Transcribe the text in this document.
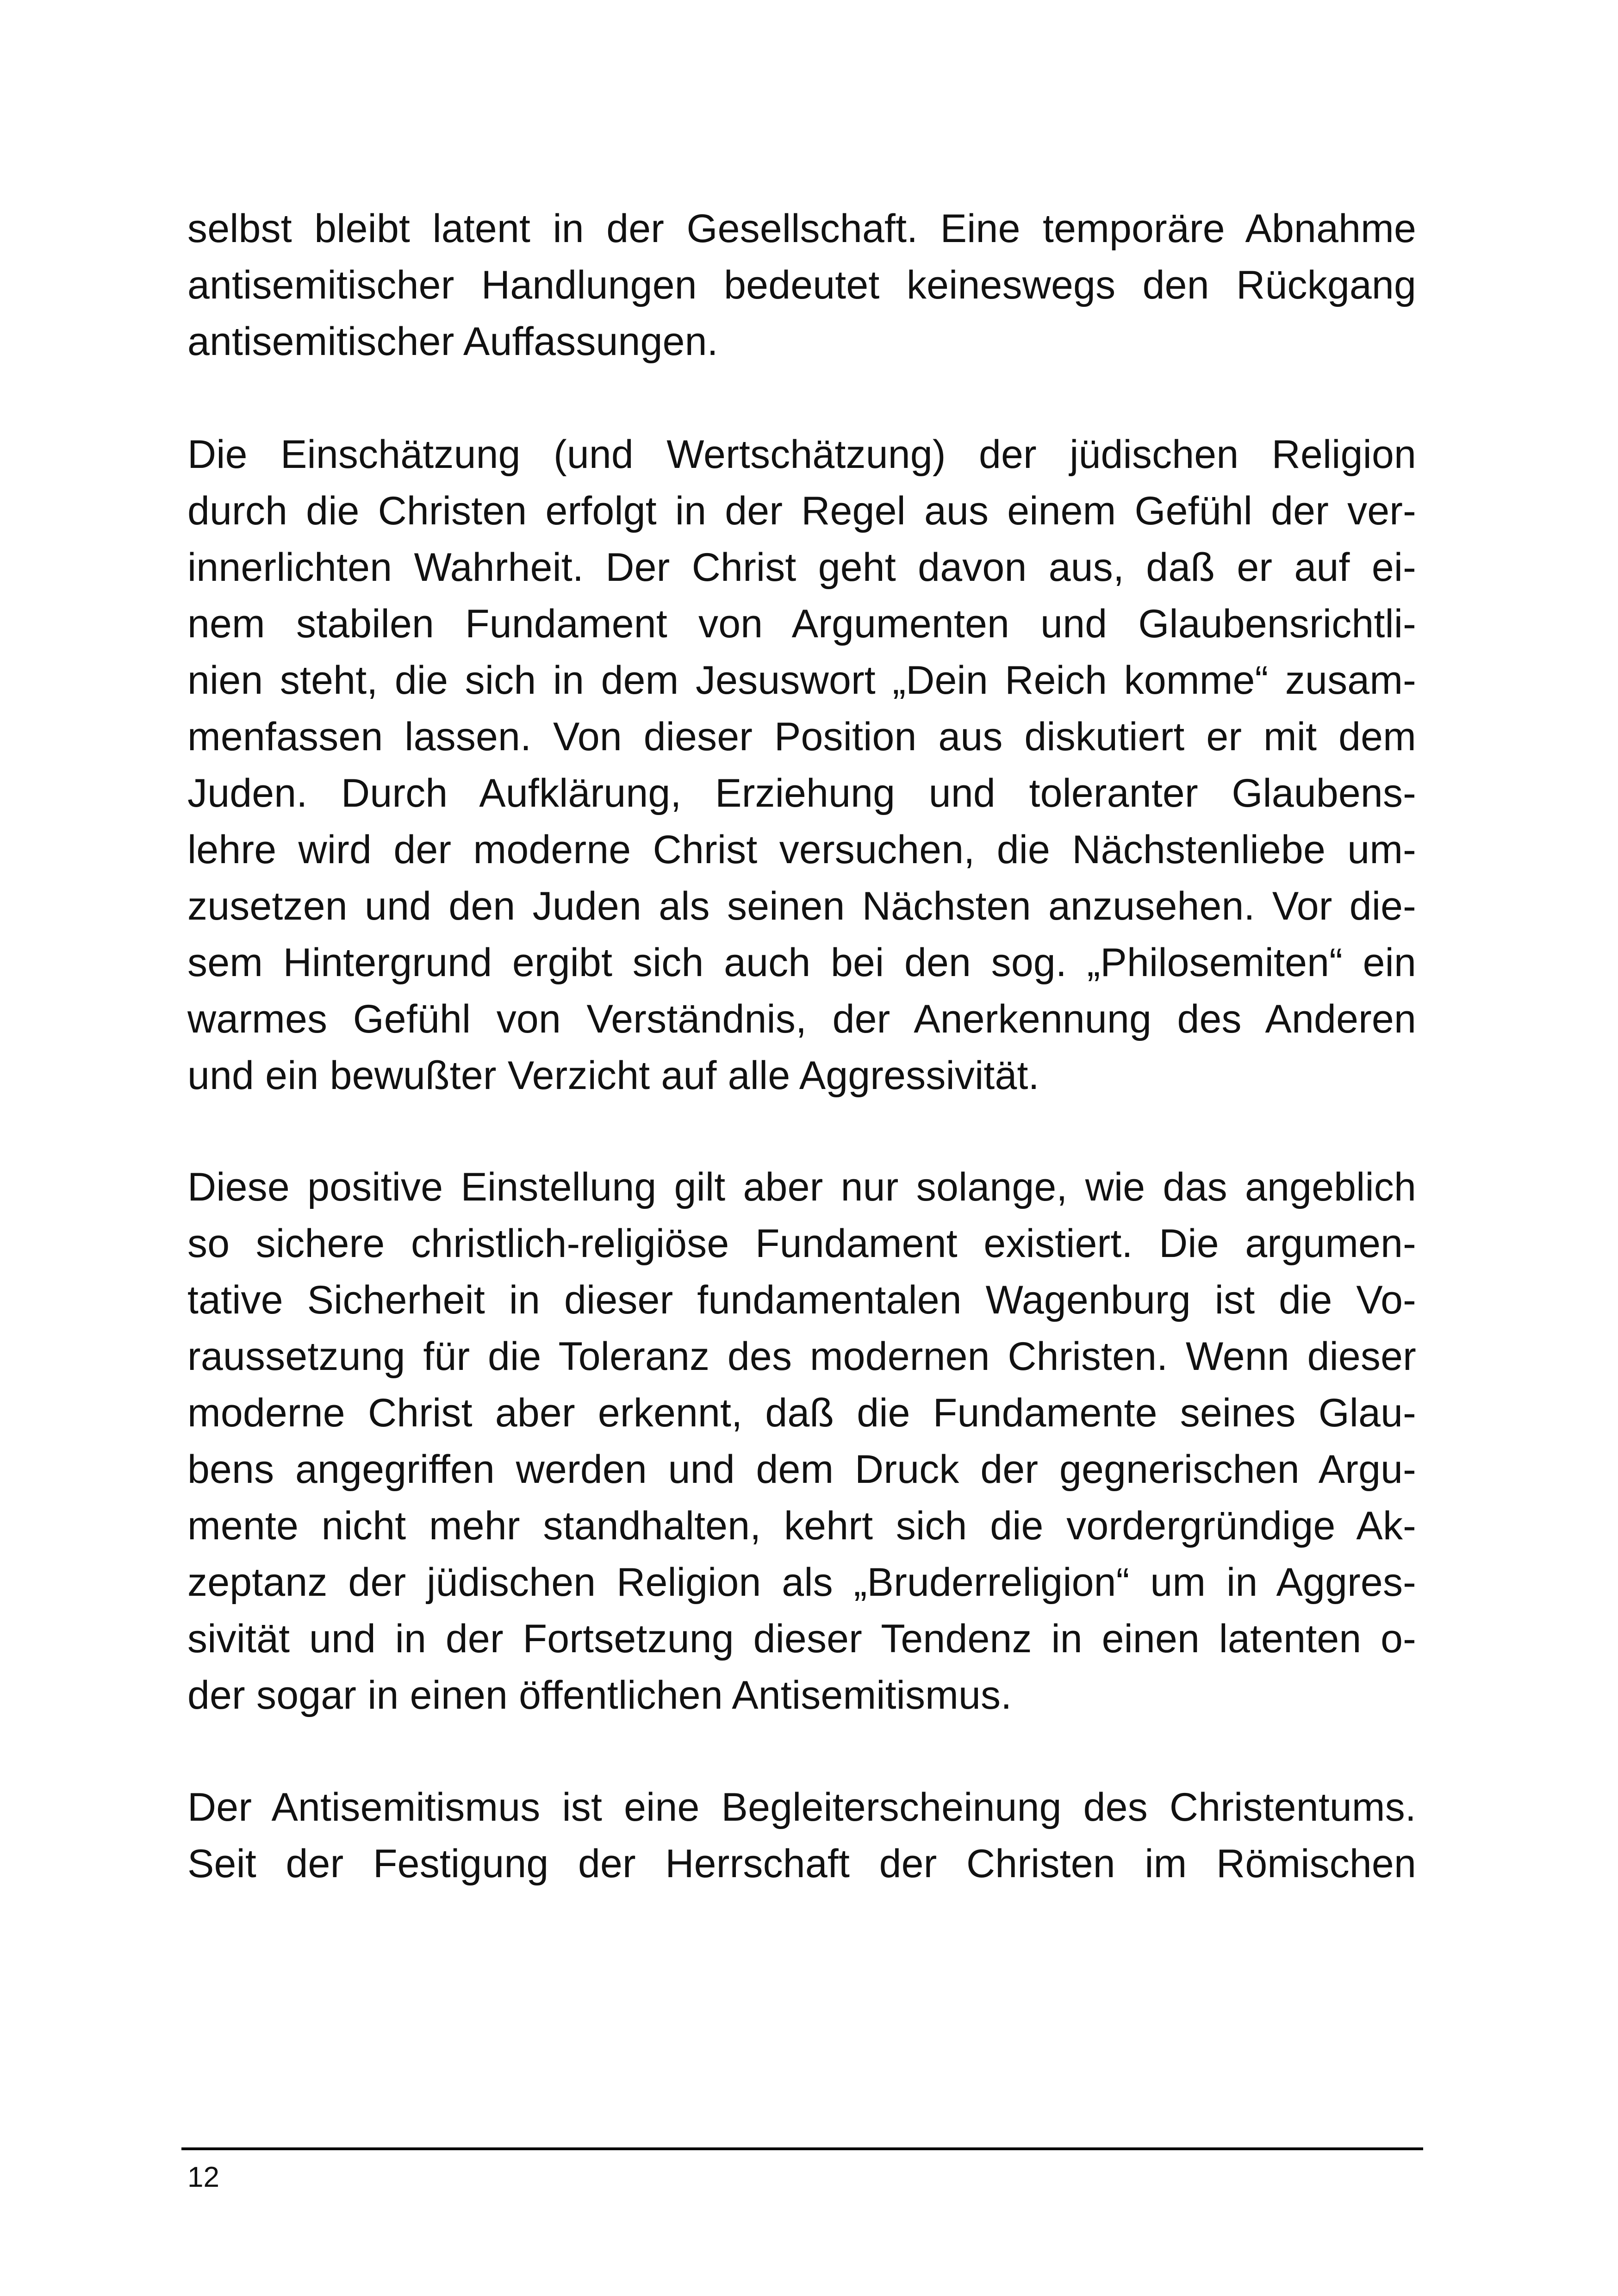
selbst bleibt latent in der Gesellschaft. Eine temporäre Abnahme
antisemitischer Handlungen bedeutet keineswegs den Rückgang
antisemitischer Auffassungen.
Die Einschätzung (und Wertschätzung) der jüdischen Religion
durch die Christen erfolgt in der Regel aus einem Gefühl der ver-
innerlichten Wahrheit. Der Christ geht davon aus, daß er auf ei-
nem stabilen Fundament von Argumenten und Glaubensrichtli-
nien steht, die sich in dem Jesuswort „Dein Reich komme“ zusam-
menfassen lassen. Von dieser Position aus diskutiert er mit dem
Juden. Durch Aufklärung, Erziehung und toleranter Glaubens-
lehre wird der moderne Christ versuchen, die Nächstenliebe um-
zusetzen und den Juden als seinen Nächsten anzusehen. Vor die-
sem Hintergrund ergibt sich auch bei den sog. „Philosemiten“ ein
warmes Gefühl von Verständnis, der Anerkennung des Anderen
und ein bewußter Verzicht auf alle Aggressivität.
Diese positive Einstellung gilt aber nur solange, wie das angeblich
so sichere christlich-religiöse Fundament existiert. Die argumen-
tative Sicherheit in dieser fundamentalen Wagenburg ist die Vo-
raussetzung für die Toleranz des modernen Christen. Wenn dieser
moderne Christ aber erkennt, daß die Fundamente seines Glau-
bens angegriffen werden und dem Druck der gegnerischen Argu-
mente nicht mehr standhalten, kehrt sich die vordergründige Ak-
zeptanz der jüdischen Religion als „Bruderreligion“ um in Aggres-
sivität und in der Fortsetzung dieser Tendenz in einen latenten o-
der sogar in einen öffentlichen Antisemitismus.
Der Antisemitismus ist eine Begleiterscheinung des Christentums.
Seit der Festigung der Herrschaft der Christen im Römischen
12
